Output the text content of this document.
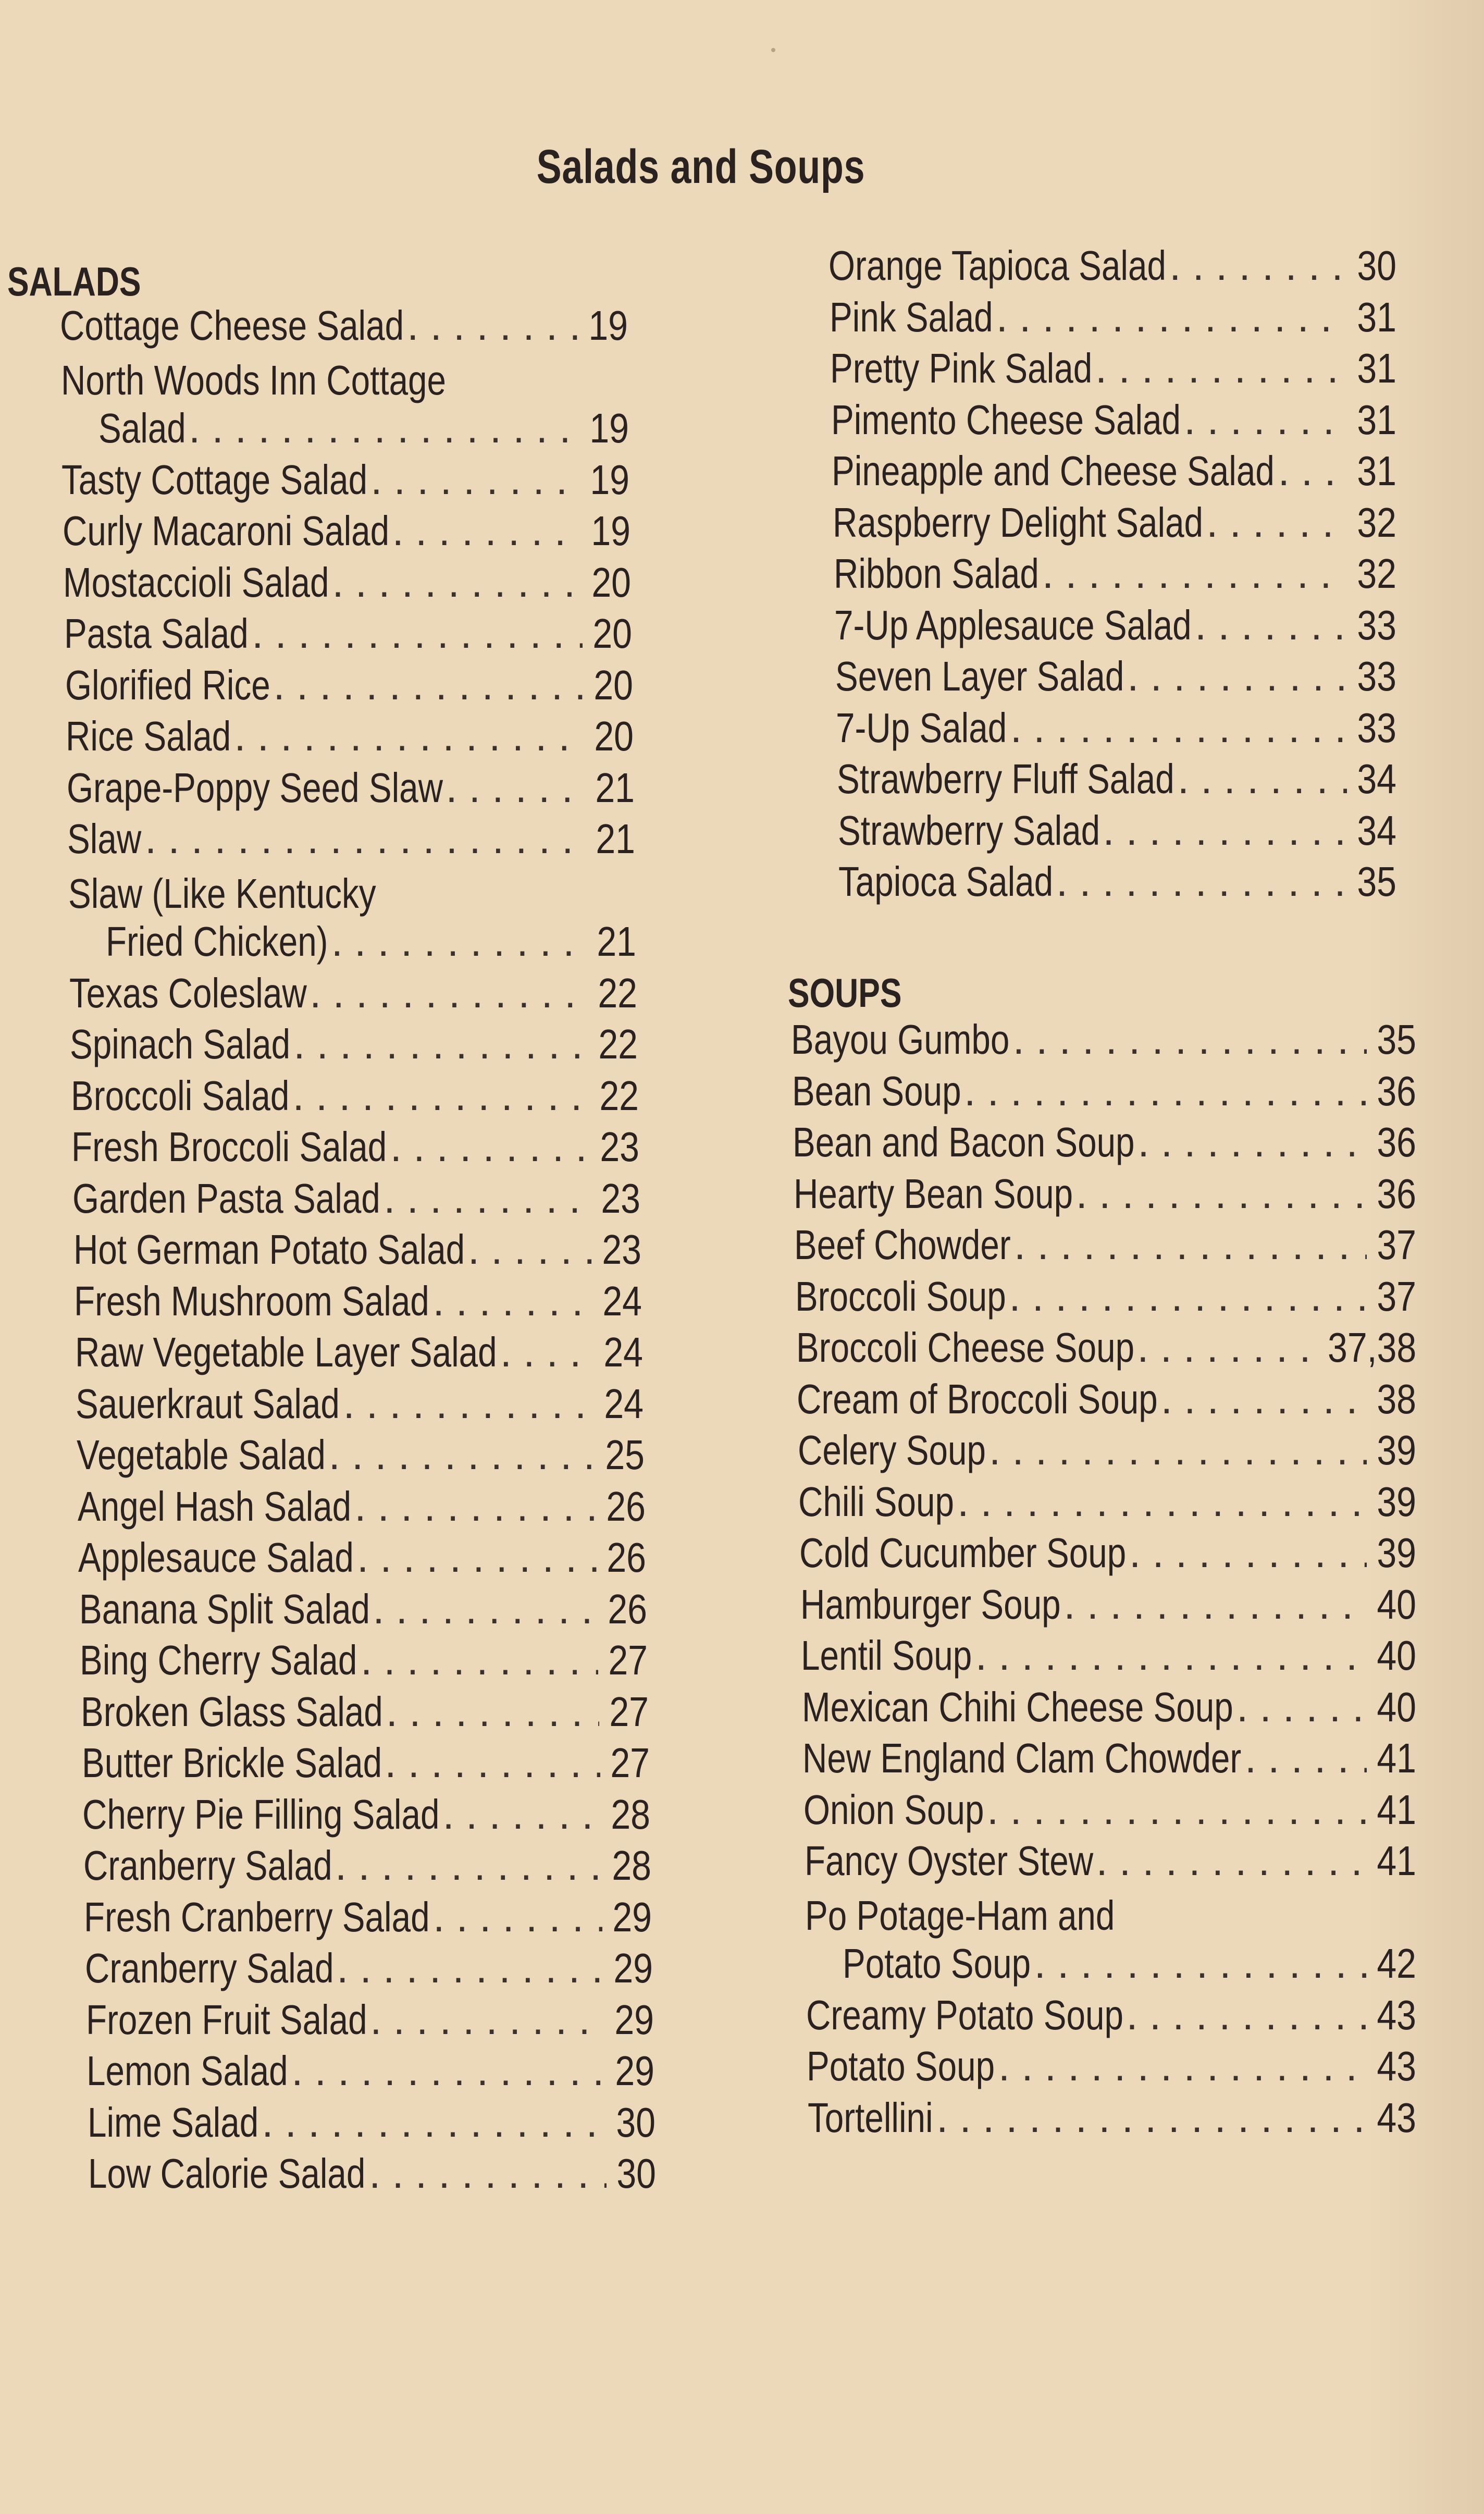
Salads and Soups
SALADS
SOUPS
Cottage Cheese Salad . . .	19
North Woods Inn Cottage
Salad . . .	19
Tasty Cottage Salad . . .	19
Curly Macaroni Salad . . .	19
Mostaccioli Salad . . .	20
Pasta Salad . . .	20
Glorified Rice . . .	20
Rice Salad . . .	20
Grape-Poppy Seed Slaw . . .	21
Slaw . . .	21
Slaw (Like Kentucky
Fried Chicken) . . .	21
Texas Coleslaw . . .	22
Spinach Salad . . .	22
Broccoli Salad . . .	22
Fresh Broccoli Salad . . .	23
Garden Pasta Salad . . .	23
Hot German Potato Salad . . .	23
Fresh Mushroom Salad . . .	24
Raw Vegetable Layer Salad . . .	24
Sauerkraut Salad . . .	24
Vegetable Salad . . .	25
Angel Hash Salad . . .	26
Applesauce Salad . . .	26
Banana Split Salad . . .	26
Bing Cherry Salad . . .	27
Broken Glass Salad . . .	27
Butter Brickle Salad . . .	27
Cherry Pie Filling Salad . . .	28
Cranberry Salad . . .	28
Fresh Cranberry Salad . . .	29
Cranberry Salad . . .	29
Frozen Fruit Salad . . .	29
Lemon Salad . . .	29
Lime Salad . . .	30
Low Calorie Salad . . .	30
Orange Tapioca Salad . . .	30
Pink Salad . . .	31
Pretty Pink Salad . . .	31
Pimento Cheese Salad . . .	31
Pineapple and Cheese Salad . . . 31
Raspberry Delight Salad . . .	32
Ribbon Salad . . .	32
7-Up Applesauce Salad . . .	33
Seven Layer Salad . . .	33
7-Up Salad . . .	33
Strawberry Fluff Salad . . .	34
Strawberry Salad . . .	34
Tapioca Salad . . .	35
Bayou Gumbo . . .	35
Bean Soup . . .	36
Bean and Bacon Soup . . .	36
Hearty Bean Soup . . .	36
Beef Chowder . . .	37
Broccoli Soup . . .	37
Broccoli Cheese Soup . . .	37,38
Cream of Broccoli Soup . . .	38
Celery Soup . . .	39
Chili Soup . . .	39
Cold Cucumber Soup . . .	39
Hamburger Soup . . .	40
Lentil Soup . . .	40
Mexican Chihi Cheese Soup . . .	40
New England Clam Chowder . . .	41
Onion Soup . . .	41
Fancy Oyster Stew . . .	41
Po Potage-Ham and
Potato Soup . . .	42
Creamy Potato Soup . . .	43
Potato Soup . . .	43
Tortellini . . .	43
